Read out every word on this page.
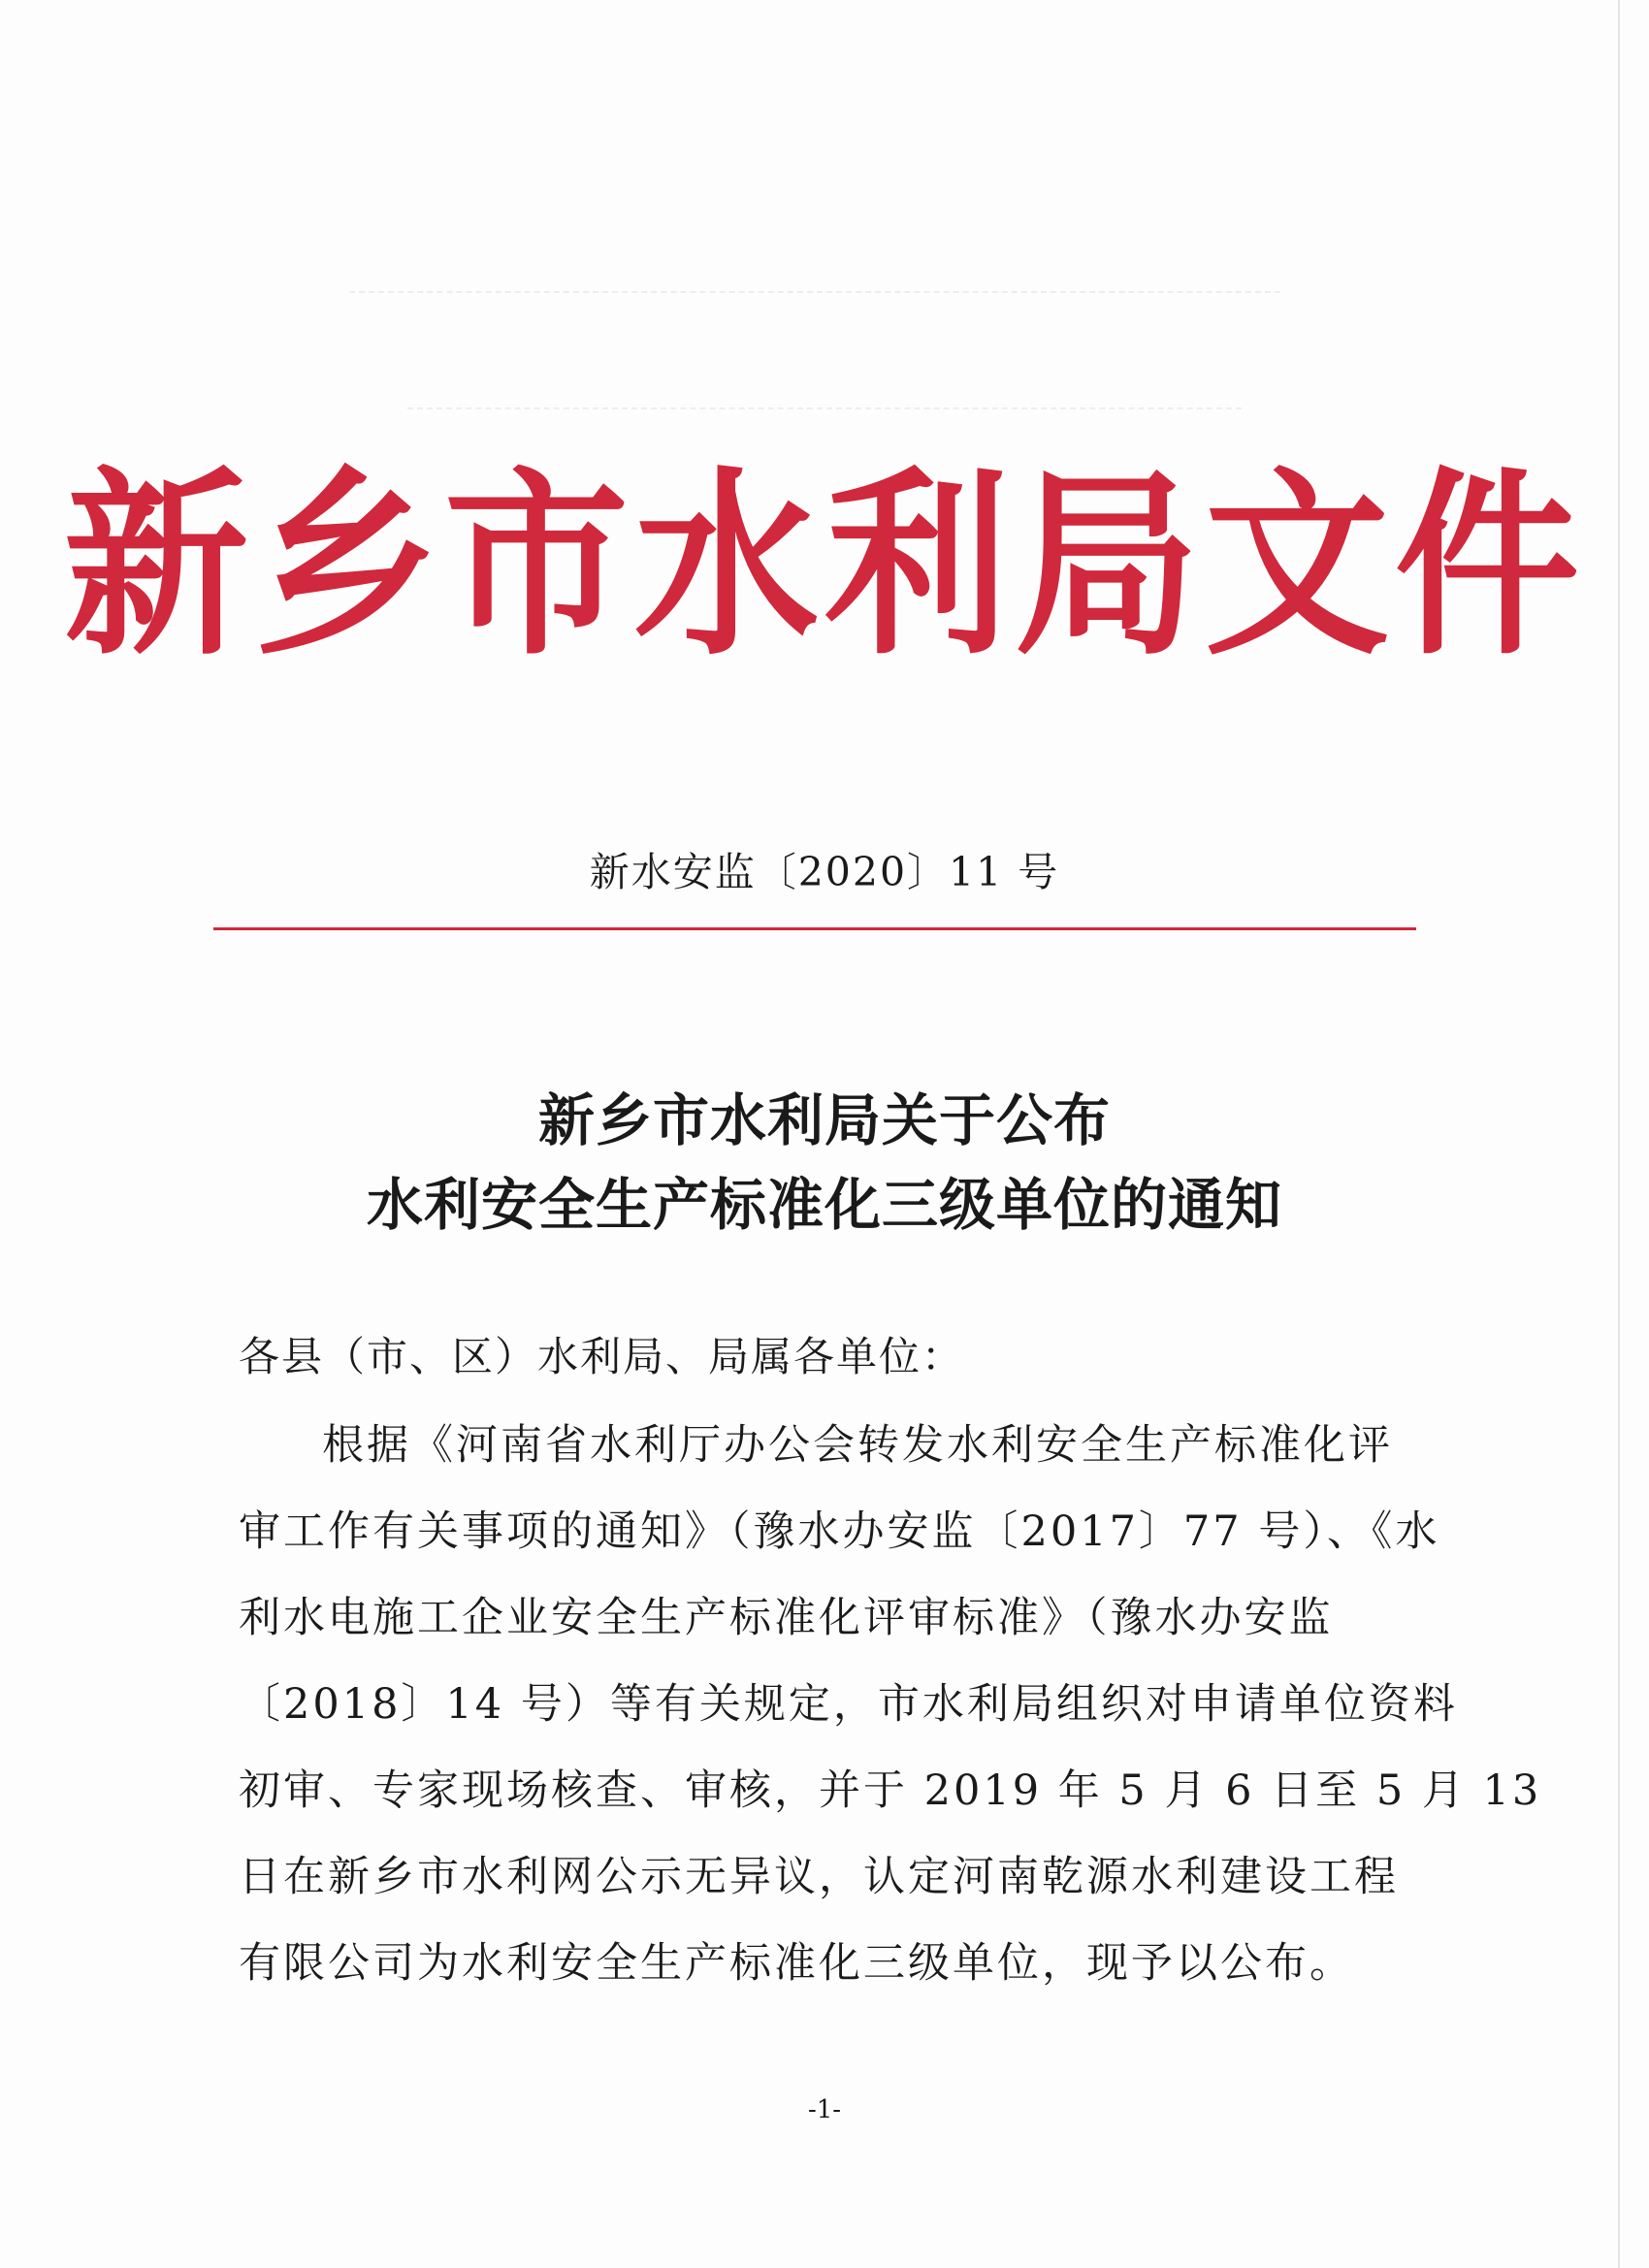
新乡市水利局文件
新水安监〔2020〕11 号
新乡市水利局关于公布
水利安全生产标准化三级单位的通知
各县（市、区）水利局、局属各单位：
根据《河南省水利厅办公会转发水利安全生产标准化评
审工作有关事项的通知》（豫水办安监〔2017〕77 号）、《水
利水电施工企业安全生产标准化评审标准》（豫水办安监
〔2018〕14 号）等有关规定，市水利局组织对申请单位资料
初审、专家现场核查、审核，并于 2019 年 5 月 6 日至 5 月 13
日在新乡市水利网公示无异议，认定河南乾源水利建设工程
有限公司为水利安全生产标准化三级单位，现予以公布。
-1-
